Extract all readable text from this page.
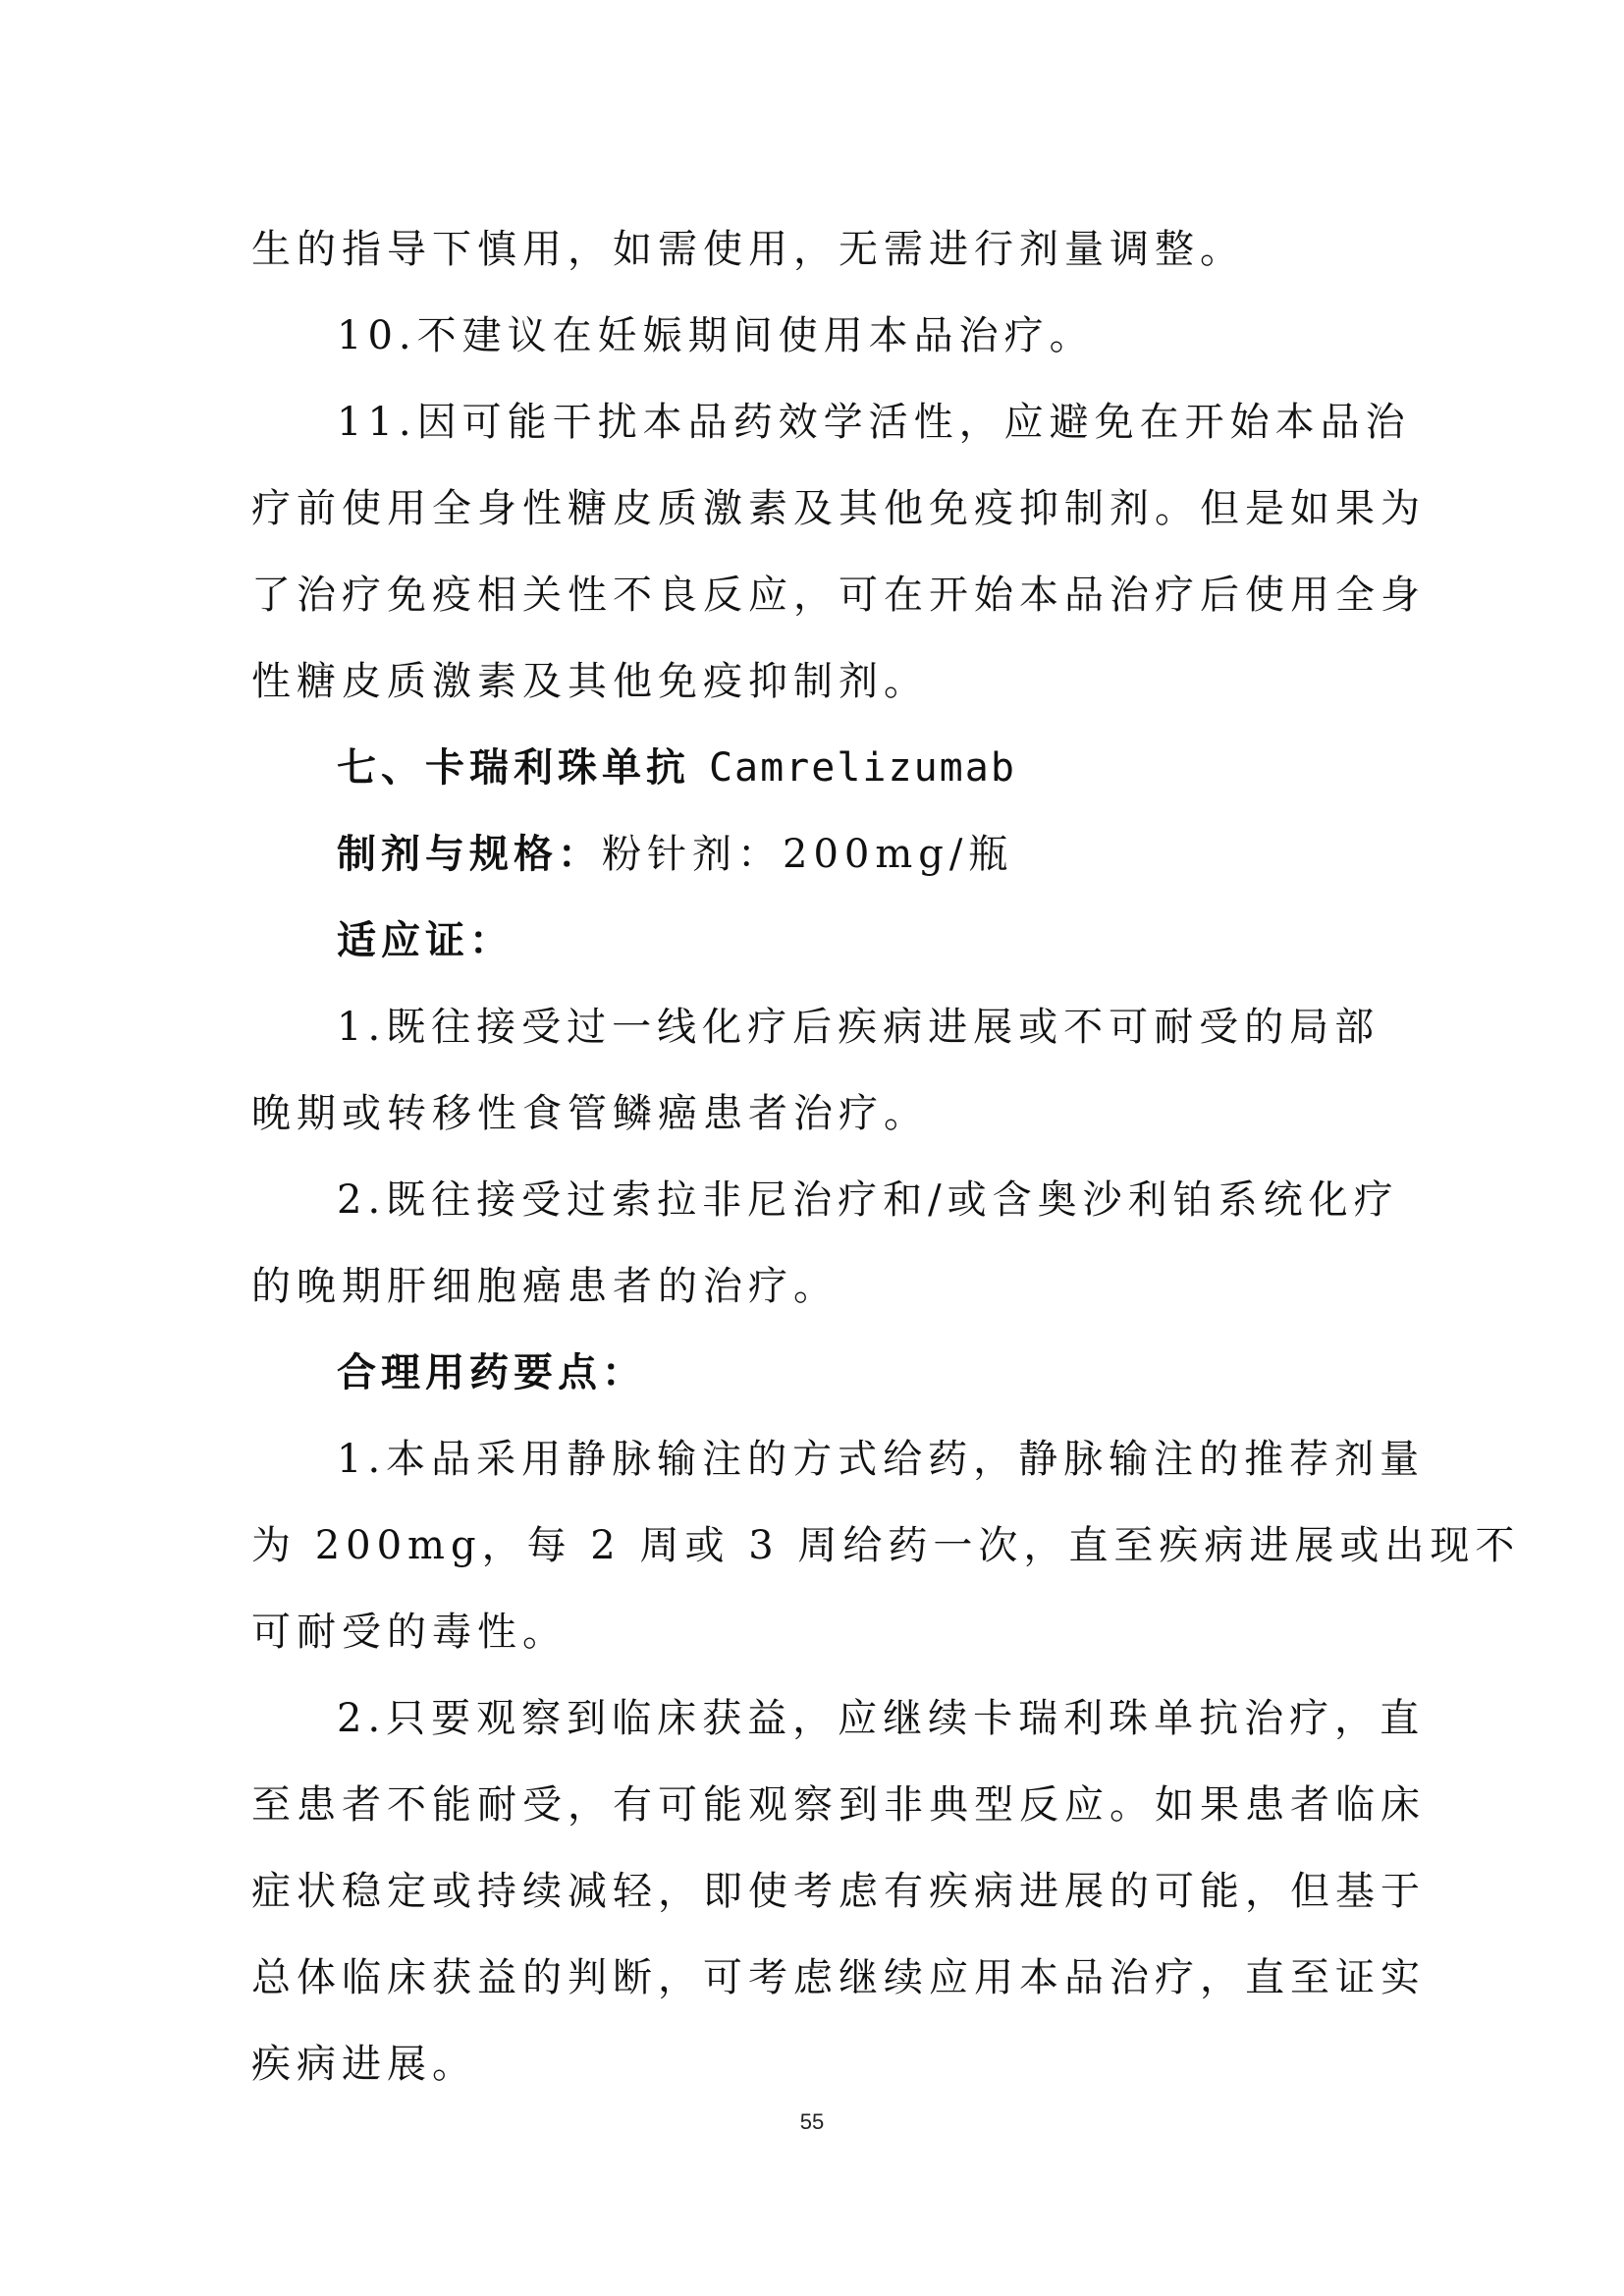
生的指导下慎用，如需使用，无需进行剂量调整。
10.不建议在妊娠期间使用本品治疗。
11.因可能干扰本品药效学活性，应避免在开始本品治
疗前使用全身性糖皮质激素及其他免疫抑制剂。但是如果为
了治疗免疫相关性不良反应，可在开始本品治疗后使用全身
性糖皮质激素及其他免疫抑制剂。
七、卡瑞利珠单抗 Camrelizumab
制剂与规格：粉针剂：200mg/瓶
适应证：
1.既往接受过一线化疗后疾病进展或不可耐受的局部
晚期或转移性食管鳞癌患者治疗。
2.既往接受过索拉非尼治疗和/或含奥沙利铂系统化疗
的晚期肝细胞癌患者的治疗。
合理用药要点：
1.本品采用静脉输注的方式给药，静脉输注的推荐剂量
为 200mg，每 2 周或 3 周给药一次，直至疾病进展或出现不
可耐受的毒性。
2.只要观察到临床获益，应继续卡瑞利珠单抗治疗，直
至患者不能耐受，有可能观察到非典型反应。如果患者临床
症状稳定或持续减轻，即使考虑有疾病进展的可能，但基于
总体临床获益的判断，可考虑继续应用本品治疗，直至证实
疾病进展。
55
